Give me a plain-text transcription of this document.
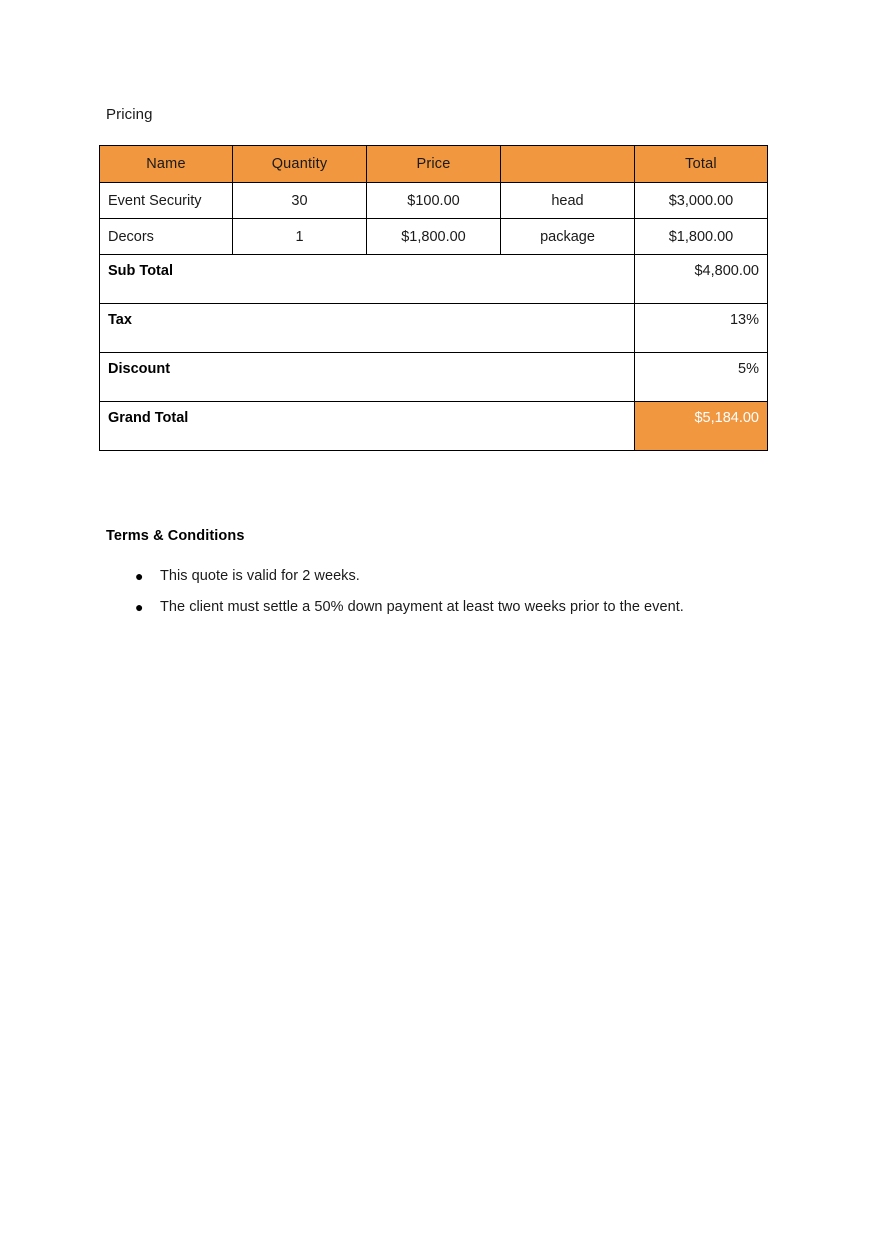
Pricing
Name	Quantity	Price		Total
Event Security	30	$100.00	head	$3,000.00
Decors	1	$1,800.00	package	$1,800.00
Sub Total				$4,800.00
Tax				13%
Discount				5%
Grand Total				$5,184.00
Terms & Conditions
● This quote is valid for 2 weeks.
● The client must settle a 50% down payment at least two weeks prior to the event.
